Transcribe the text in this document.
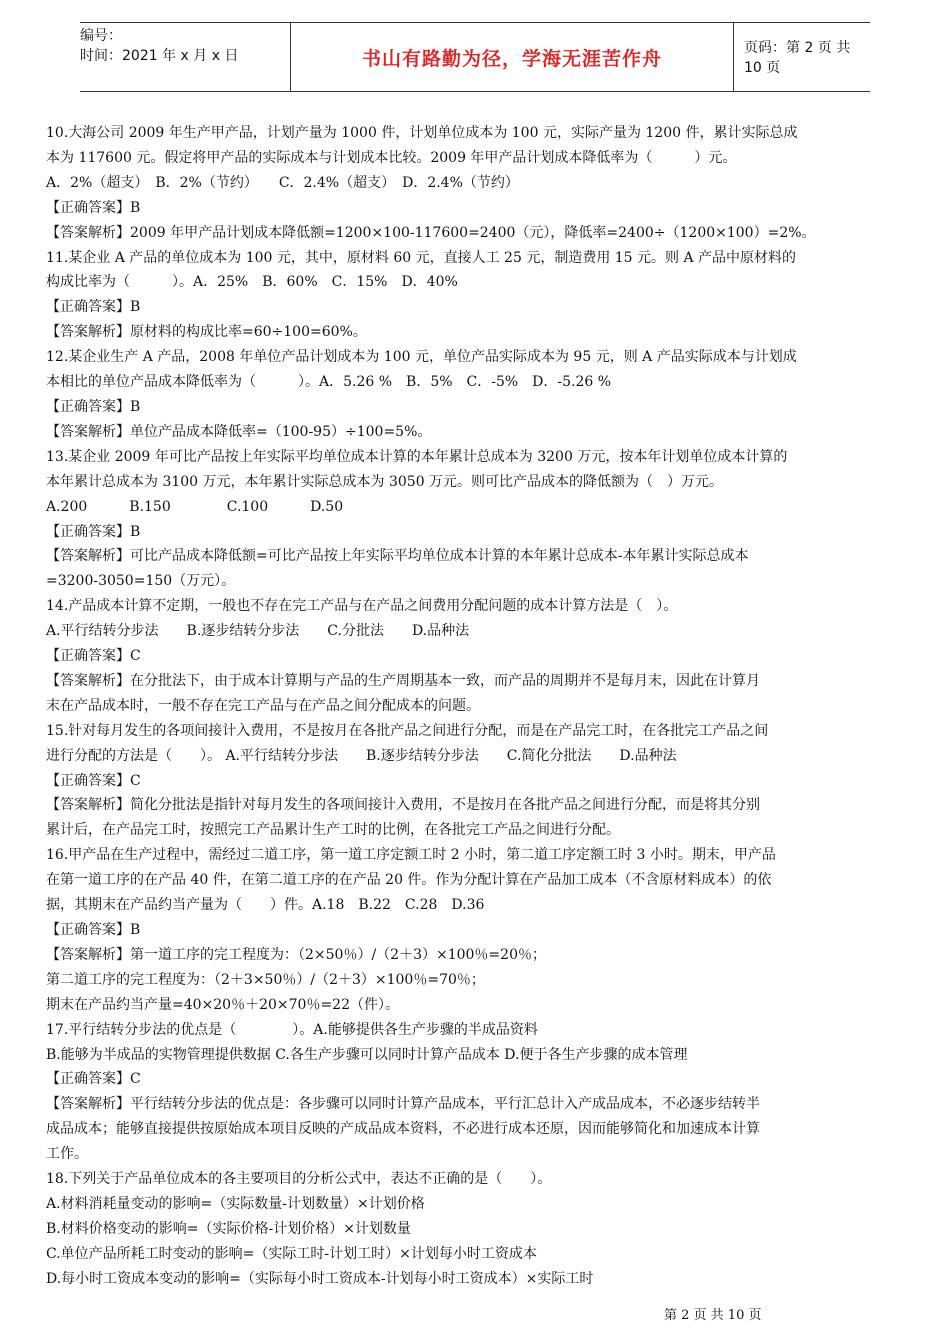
编号：
时间：2021 年 x 月 x 日	书山有路勤为径，学海无涯苦作舟	页码：第 2 页 共 10 页

10.大海公司 2009 年生产甲产品，计划产量为 1000 件，计划单位成本为 100 元，实际产量为 1200 件，累计实际总成

本为 117600 元。假定将甲产品的实际成本与计划成本比较。2009 年甲产品计划成本降低率为（　　　）元。

A．2%（超支）　B．2%（节约）　　C．2.4%（超支）　D．2.4%（节约）

【正确答案】B

【答案解析】2009 年甲产品计划成本降低额=1200×100-117600=2400（元），降低率=2400÷（1200×100）=2%。

11.某企业 A 产品的单位成本为 100 元，其中，原材料 60 元，直接人工 25 元，制造费用 15 元。则 A 产品中原材料的

构成比率为（　　　）。A．25%　B．60%　C．15%　D．40%

【正确答案】B

【答案解析】原材料的构成比率=60÷100=60%。

12.某企业生产 A 产品，2008 年单位产品计划成本为 100 元，单位产品实际成本为 95 元，则 A 产品实际成本与计划成

本相比的单位产品成本降低率为（　　　）。A．5.26 %　B．5%　C．-5%　D．-5.26 %

【正确答案】B

【答案解析】单位产品成本降低率=（100-95）÷100=5%。

13.某企业 2009 年可比产品按上年实际平均单位成本计算的本年累计总成本为 3200 万元，按本年计划单位成本计算的

本年累计总成本为 3100 万元，本年累计实际总成本为 3050 万元。则可比产品成本的降低额为（　）万元。

A.200　　　B.150　　　　C.100　　　D.50

【正确答案】B

【答案解析】可比产品成本降低额=可比产品按上年实际平均单位成本计算的本年累计总成本-本年累计实际总成本

=3200-3050=150（万元）。

14.产品成本计算不定期，一般也不存在完工产品与在产品之间费用分配问题的成本计算方法是（　）。

A.平行结转分步法　　B.逐步结转分步法　　C.分批法　　D.品种法

【正确答案】C

【答案解析】在分批法下，由于成本计算期与产品的生产周期基本一致，而产品的周期并不是每月末，因此在计算月

末在产品成本时，一般不存在完工产品与在产品之间分配成本的问题。

15.针对每月发生的各项间接计入费用，不是按月在各批产品之间进行分配，而是在产品完工时，在各批完工产品之间

进行分配的方法是（　　）。 A.平行结转分步法　　B.逐步结转分步法　　C.简化分批法　　D.品种法

【正确答案】C

【答案解析】简化分批法是指针对每月发生的各项间接计入费用，不是按月在各批产品之间进行分配，而是将其分别

累计后，在产品完工时，按照完工产品累计生产工时的比例，在各批完工产品之间进行分配。

16.甲产品在生产过程中，需经过二道工序，第一道工序定额工时 2 小时，第二道工序定额工时 3 小时。期末，甲产品

在第一道工序的在产品 40 件，在第二道工序的在产品 20 件。作为分配计算在产品加工成本（不含原材料成本）的依

据，其期末在产品约当产量为（　　）件。A.18　B.22　C.28　D.36

【正确答案】B

【答案解析】第一道工序的完工程度为：（2×50％）/（2＋3）×100％=20％；

第二道工序的完工程度为：（2＋3×50％）/（2＋3）×100％=70％；

期末在产品约当产量=40×20％＋20×70％=22（件）。

17.平行结转分步法的优点是（　　　　）。A.能够提供各生产步骤的半成品资料

B.能够为半成品的实物管理提供数据 C.各生产步骤可以同时计算产品成本 D.便于各生产步骤的成本管理

【正确答案】C

【答案解析】平行结转分步法的优点是：各步骤可以同时计算产品成本，平行汇总计入产成品成本，不必逐步结转半

成品成本；能够直接提供按原始成本项目反映的产成品成本资料，不必进行成本还原，因而能够简化和加速成本计算

工作。

18.下列关于产品单位成本的各主要项目的分析公式中，表达不正确的是（　　）。

A.材料消耗量变动的影响=（实际数量-计划数量）×计划价格

B.材料价格变动的影响=（实际价格-计划价格）×计划数量

C.单位产品所耗工时变动的影响=（实际工时-计划工时）×计划每小时工资成本

D.每小时工资成本变动的影响=（实际每小时工资成本-计划每小时工资成本）×实际工时

第 2 页 共 10 页
